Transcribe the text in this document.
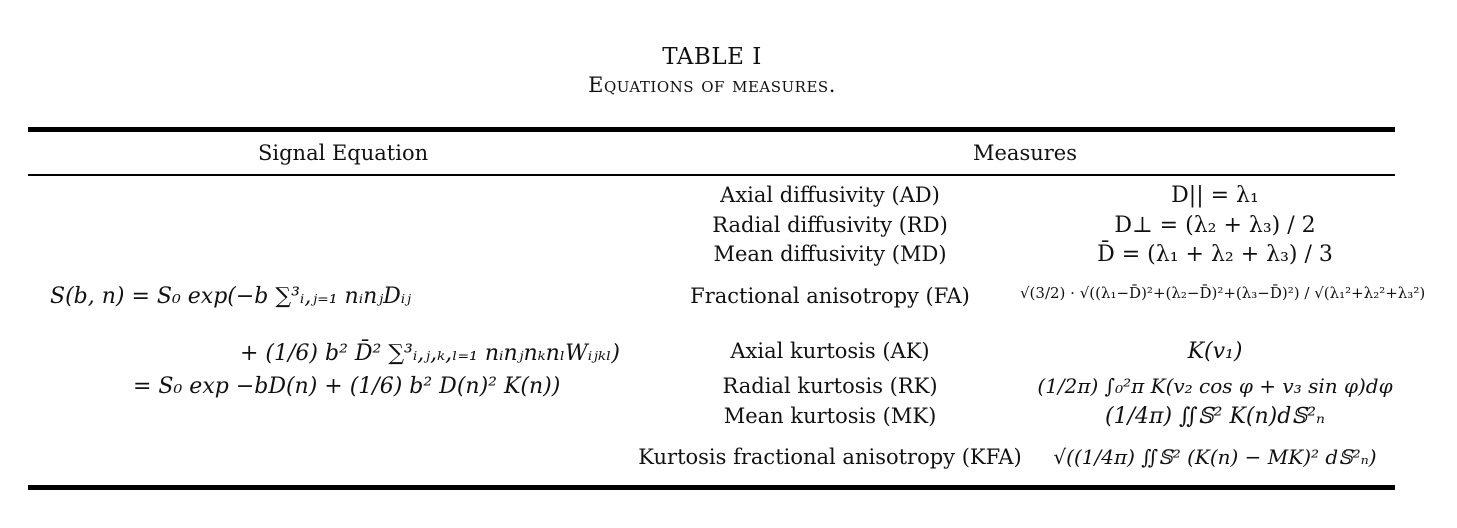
TABLE I
Equations of measures.
Signal Equation	Measures
S(b, n) = S₀ exp(−b ∑³ᵢ,ⱼ₌₁ nᵢnⱼDᵢⱼ
+ (1/6) b² D̄² ∑³ᵢ,ⱼ,ₖ,ₗ₌₁ nᵢnⱼnₖnₗWᵢⱼₖₗ)
= S₀ exp −bD(n) + (1/6) b² D(n)² K(n))
Axial diffusivity (AD)
Radial diffusivity (RD)
Mean diffusivity (MD)
Fractional anisotropy (FA)
Axial kurtosis (AK)
Radial kurtosis (RK)
Mean kurtosis (MK)
Kurtosis fractional anisotropy (KFA)
D|| = λ₁
D⊥ = (λ₂ + λ₃) / 2
D̄ = (λ₁ + λ₂ + λ₃) / 3
√(3/2) · √((λ₁−D̄)²+(λ₂−D̄)²+(λ₃−D̄)²) / √(λ₁²+λ₂²+λ₃²)
K(v₁)
(1/2π) ∫₀²π K(v₂ cos φ + v₃ sin φ)dφ
(1/4π) ∬𝕊² K(n)d𝕊²ₙ
√((1/4π) ∬𝕊² (K(n) − MK)² d𝕊²ₙ)
